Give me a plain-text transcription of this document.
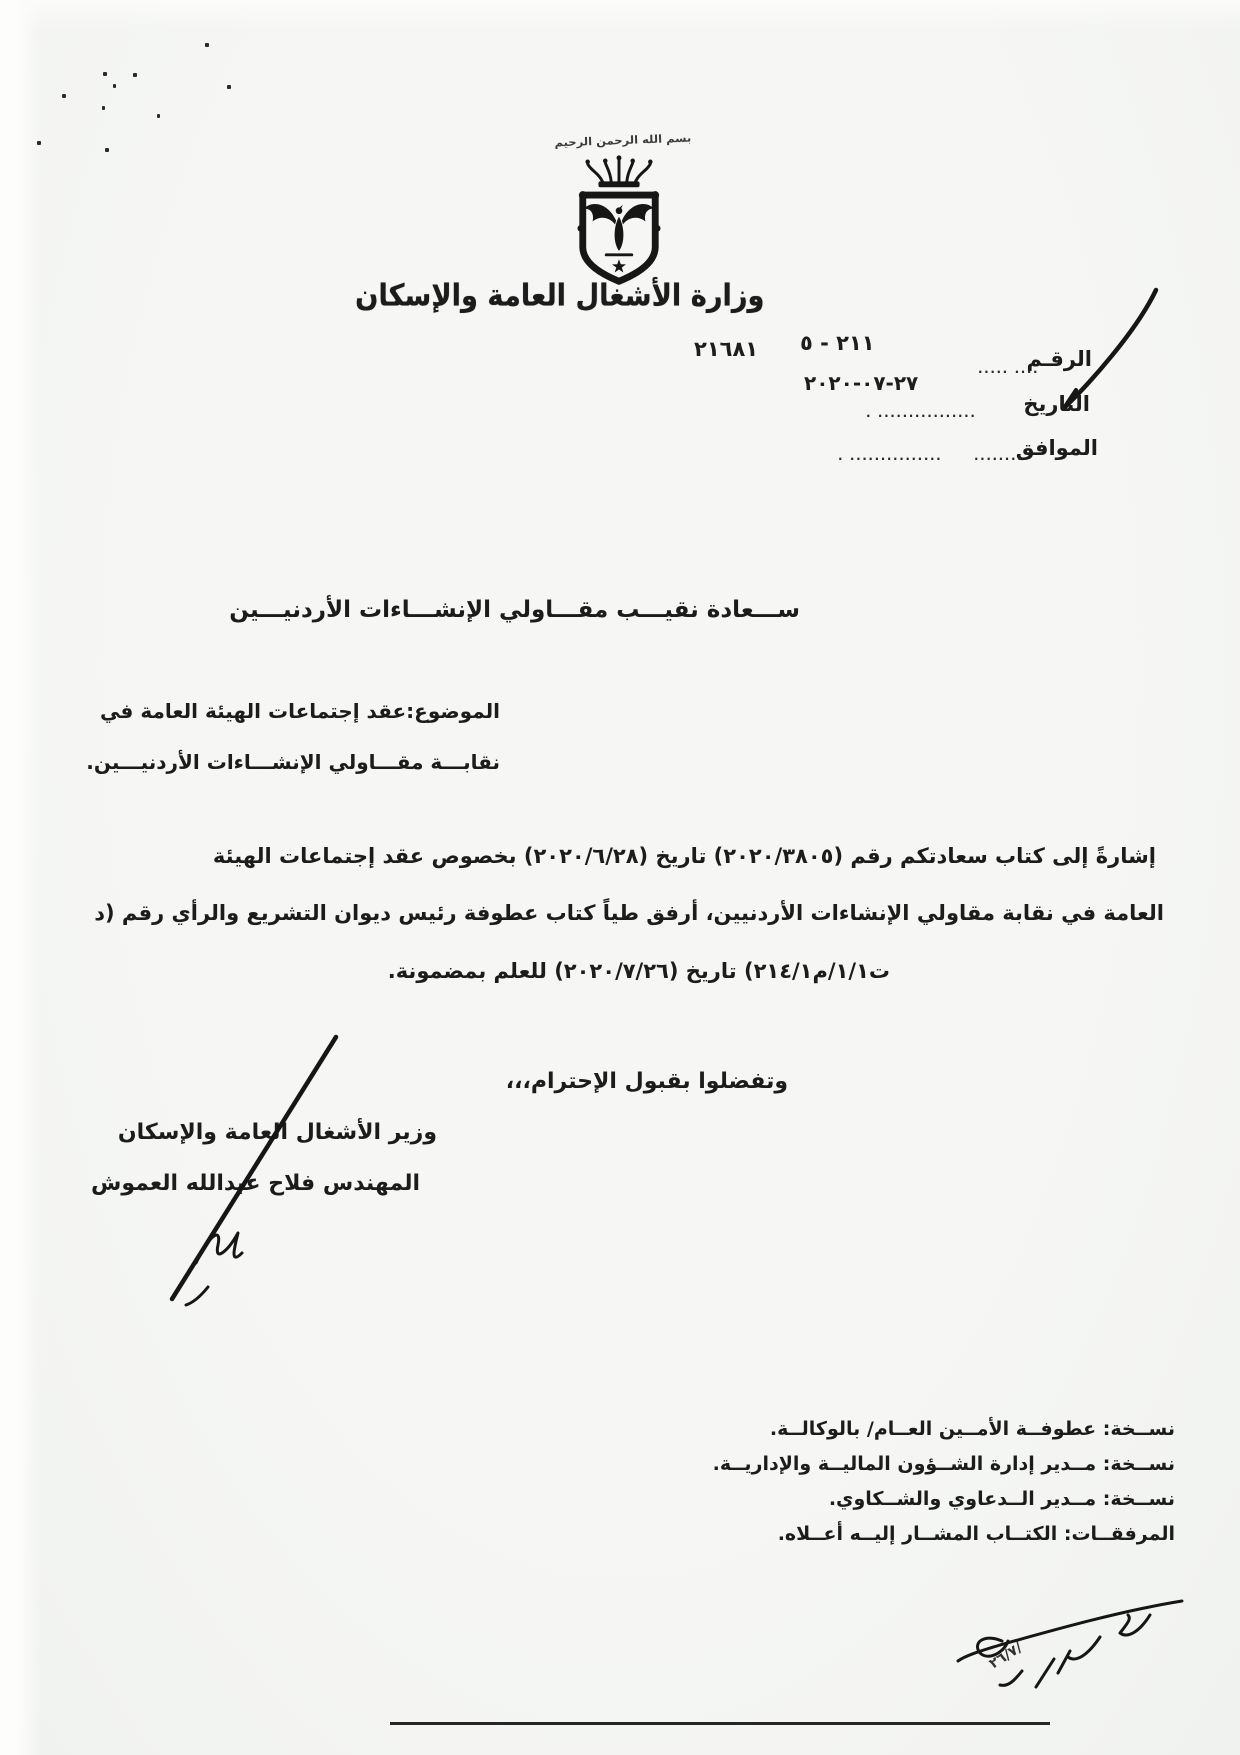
بسم الله الرحمن الرحيم
وزارة الأشغال العامة والإسكان
٥ - ٢١١
٢١٦٨١	الرقـم
..... ....
٢٠٢٠-٠٧-٢٧
التاريخ
. ................
الموافق
........
. ...............
ســـعادة نقيـــب مقـــاولي الإنشـــاءات الأردنيـــين
الموضوع:عقد إجتماعات الهيئة العامة في
نقابـــة مقـــاولي الإنشـــاءات الأردنيـــين.
إشارةً إلى كتاب سعادتكم رقم (٢٠٢٠/٣٨٠٥) تاريخ (٢٠٢٠/٦/٢٨) بخصوص عقد إجتماعات الهيئة
العامة في نقابة مقاولي الإنشاءات الأردنيين، أرفق طياً كتاب عطوفة رئيس ديوان التشريع والرأي رقم (د
ت١/١/م٢١٤/١) تاريخ (٢٠٢٠/٧/٢٦) للعلم بمضمونة.
وتفضلوا بقبول الإحترام،،،
وزير الأشغال العامة والإسكان
المهندس فلاح عبدالله العموش
نســخة: عطوفــة الأمــين العــام/ بالوكالــة.
نســخة: مــدير إدارة الشــؤون الماليــة والإداريــة.
نســخة: مــدير الــدعاوي والشــكاوي.
المرفقــات: الكتــاب المشــار إليــه أعــلاه.
٢٦/٧/
